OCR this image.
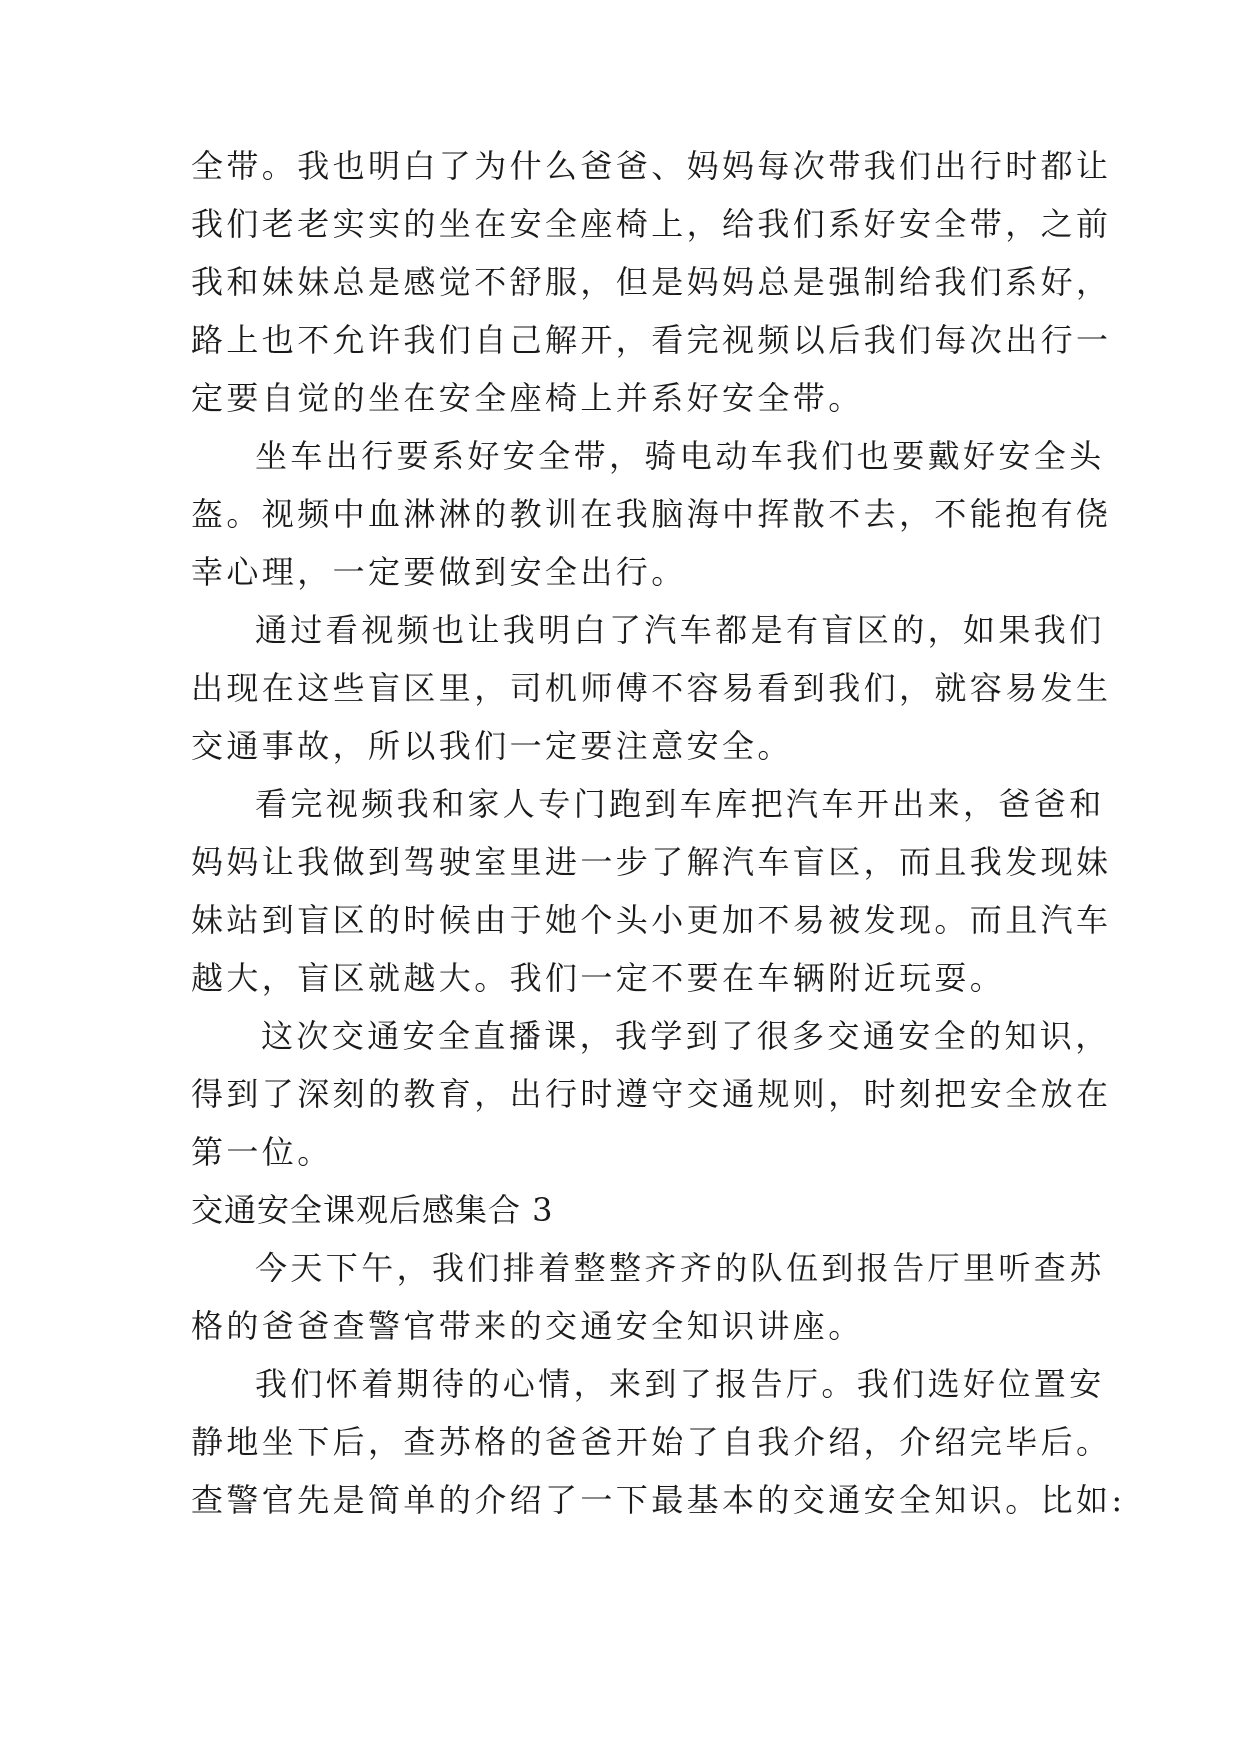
全带。我也明白了为什么爸爸、妈妈每次带我们出行时都让
我们老老实实的坐在安全座椅上，给我们系好安全带，之前
我和妹妹总是感觉不舒服，但是妈妈总是强制给我们系好，
路上也不允许我们自己解开，看完视频以后我们每次出行一
定要自觉的坐在安全座椅上并系好安全带。
坐车出行要系好安全带，骑电动车我们也要戴好安全头
盔。视频中血淋淋的教训在我脑海中挥散不去，不能抱有侥
幸心理，一定要做到安全出行。
通过看视频也让我明白了汽车都是有盲区的，如果我们
出现在这些盲区里，司机师傅不容易看到我们，就容易发生
交通事故，所以我们一定要注意安全。
看完视频我和家人专门跑到车库把汽车开出来，爸爸和
妈妈让我做到驾驶室里进一步了解汽车盲区，而且我发现妹
妹站到盲区的时候由于她个头小更加不易被发现。而且汽车
越大，盲区就越大。我们一定不要在车辆附近玩耍。
这次交通安全直播课，我学到了很多交通安全的知识，
得到了深刻的教育，出行时遵守交通规则，时刻把安全放在
第一位。
交通安全课观后感集合 3
今天下午，我们排着整整齐齐的队伍到报告厅里听查苏
格的爸爸查警官带来的交通安全知识讲座。
我们怀着期待的心情，来到了报告厅。我们选好位置安
静地坐下后，查苏格的爸爸开始了自我介绍，介绍完毕后。
查警官先是简单的介绍了一下最基本的交通安全知识。比如:
